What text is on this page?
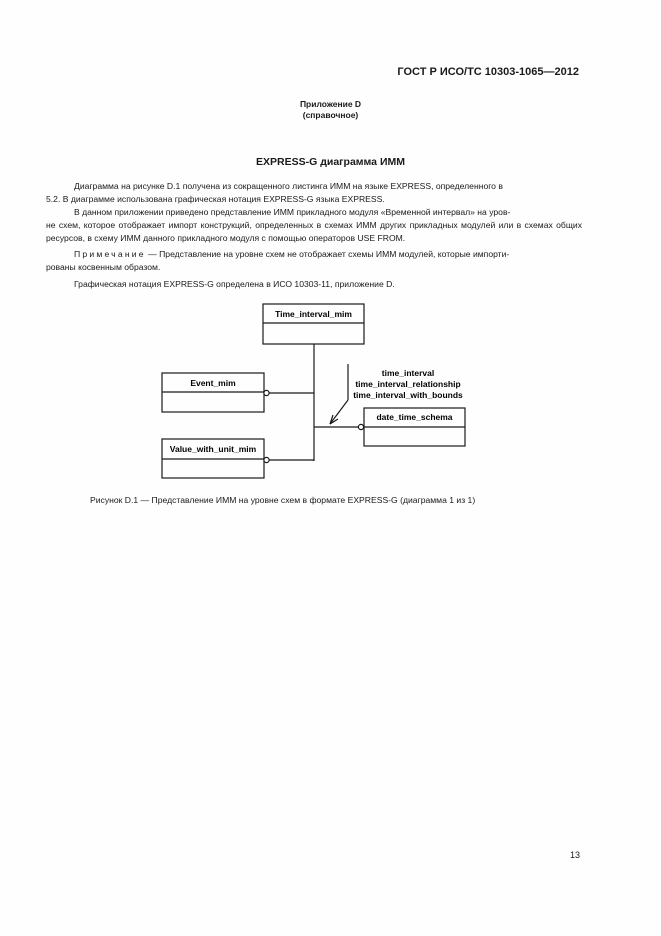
ГОСТ Р ИСО/ТС 10303-1065—2012
Приложение D
(справочное)
EXPRESS-G диаграмма ИММ
Диаграмма на рисунке D.1 получена из сокращенного листинга ИММ на языке EXPRESS, определенного в
5.2. В диаграмме использована графическая нотация EXPRESS-G языка EXPRESS.
В данном приложении приведено представление ИММ прикладного модуля «Временной интервал» на уров-
не схем, которое отображает импорт конструкций, определенных в схемах ИММ других прикладных модулей или в схемах общих ресурсов, в схему ИММ данного прикладного модуля с помощью операторов USE FROM.
Примечание — Представление на уровне схем не отображает схемы ИММ модулей, которые импорти-
рованы косвенным образом.
Графическая нотация EXPRESS-G определена в ИСО 10303-11, приложение D.
Time_interval_mim
Event_mim
Value_with_unit_mim
date_time_schema
time_interval
time_interval_relationship
time_interval_with_bounds
Рисунок D.1 — Представление ИММ на уровне схем в формате EXPRESS-G (диаграмма 1 из 1)
13
